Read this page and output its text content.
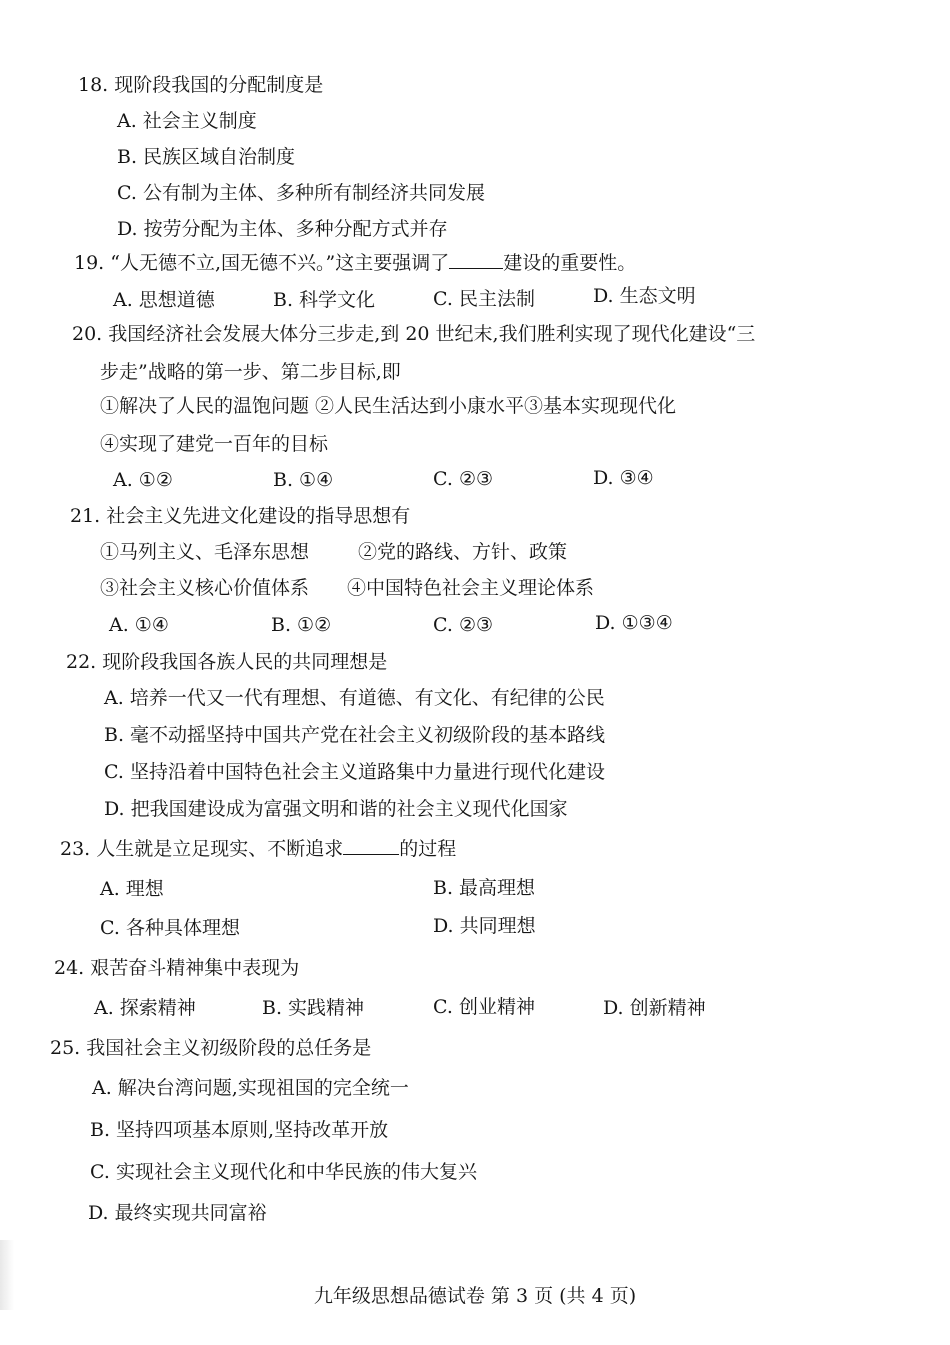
18. 现阶段我国的分配制度是
A. 社会主义制度
B. 民族区域自治制度
C. 公有制为主体、多种所有制经济共同发展
D. 按劳分配为主体、多种分配方式并存
19. “人无德不立,国无德不兴。”这主要强调了	建设的重要性。
A. 思想道德	B. 科学文化	C. 民主法制	D. 生态文明
20. 我国经济社会发展大体分三步走,到 20 世纪末,我们胜利实现了现代化建设“三
步走”战略的第一步、第二步目标,即
①解决了人民的温饱问题 ②人民生活达到小康水平③基本实现现代化
④实现了建党一百年的目标
A. ①②	B. ①④	C. ②③	D. ③④
21. 社会主义先进文化建设的指导思想有
①马列主义、毛泽东思想	②党的路线、方针、政策
③社会主义核心价值体系 ④中国特色社会主义理论体系
A. ①④	B. ①②	C. ②③	D. ①③④
22. 现阶段我国各族人民的共同理想是
A. 培养一代又一代有理想、有道德、有文化、有纪律的公民
B. 毫不动摇坚持中国共产党在社会主义初级阶段的基本路线
C. 坚持沿着中国特色社会主义道路集中力量进行现代化建设
D. 把我国建设成为富强文明和谐的社会主义现代化国家
23. 人生就是立足现实、不断追求	的过程
A. 理想	B. 最高理想
C. 各种具体理想	D. 共同理想
24. 艰苦奋斗精神集中表现为
A. 探索精神	B. 实践精神	C. 创业精神	D. 创新精神
25. 我国社会主义初级阶段的总任务是
A. 解决台湾问题,实现祖国的完全统一
B. 坚持四项基本原则,坚持改革开放
C. 实现社会主义现代化和中华民族的伟大复兴
D. 最终实现共同富裕
九年级思想品德试卷 第 3 页 (共 4 页)
